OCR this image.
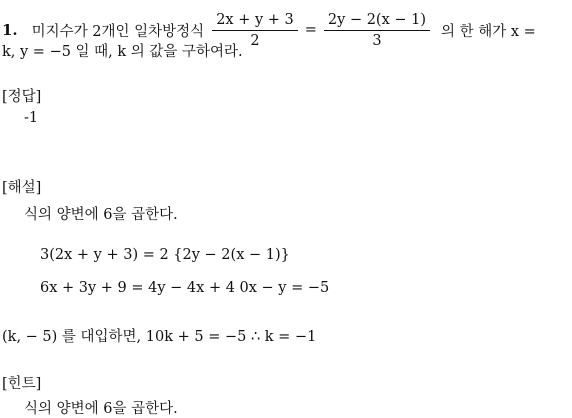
1. 미지수가 2개인 일차방정식 $\frac{2x + y + 3}{2} = \frac{2y - 2(x - 1)}{3}$ 의 한 해가 x =
k, y = −5 일 때, k 의 값을 구하여라.
[정답]
-1
[해설]
식의 양변에 6을 곱한다.
3(2x + y + 3) = 2 {2y − 2(x − 1)}
6x + 3y + 9 = 4y − 4x + 4 0x − y = −5
(k, − 5) 를 대입하면, 10k + 5 = −5 ∴ k = −1
[힌트]
식의 양변에 6을 곱한다.
